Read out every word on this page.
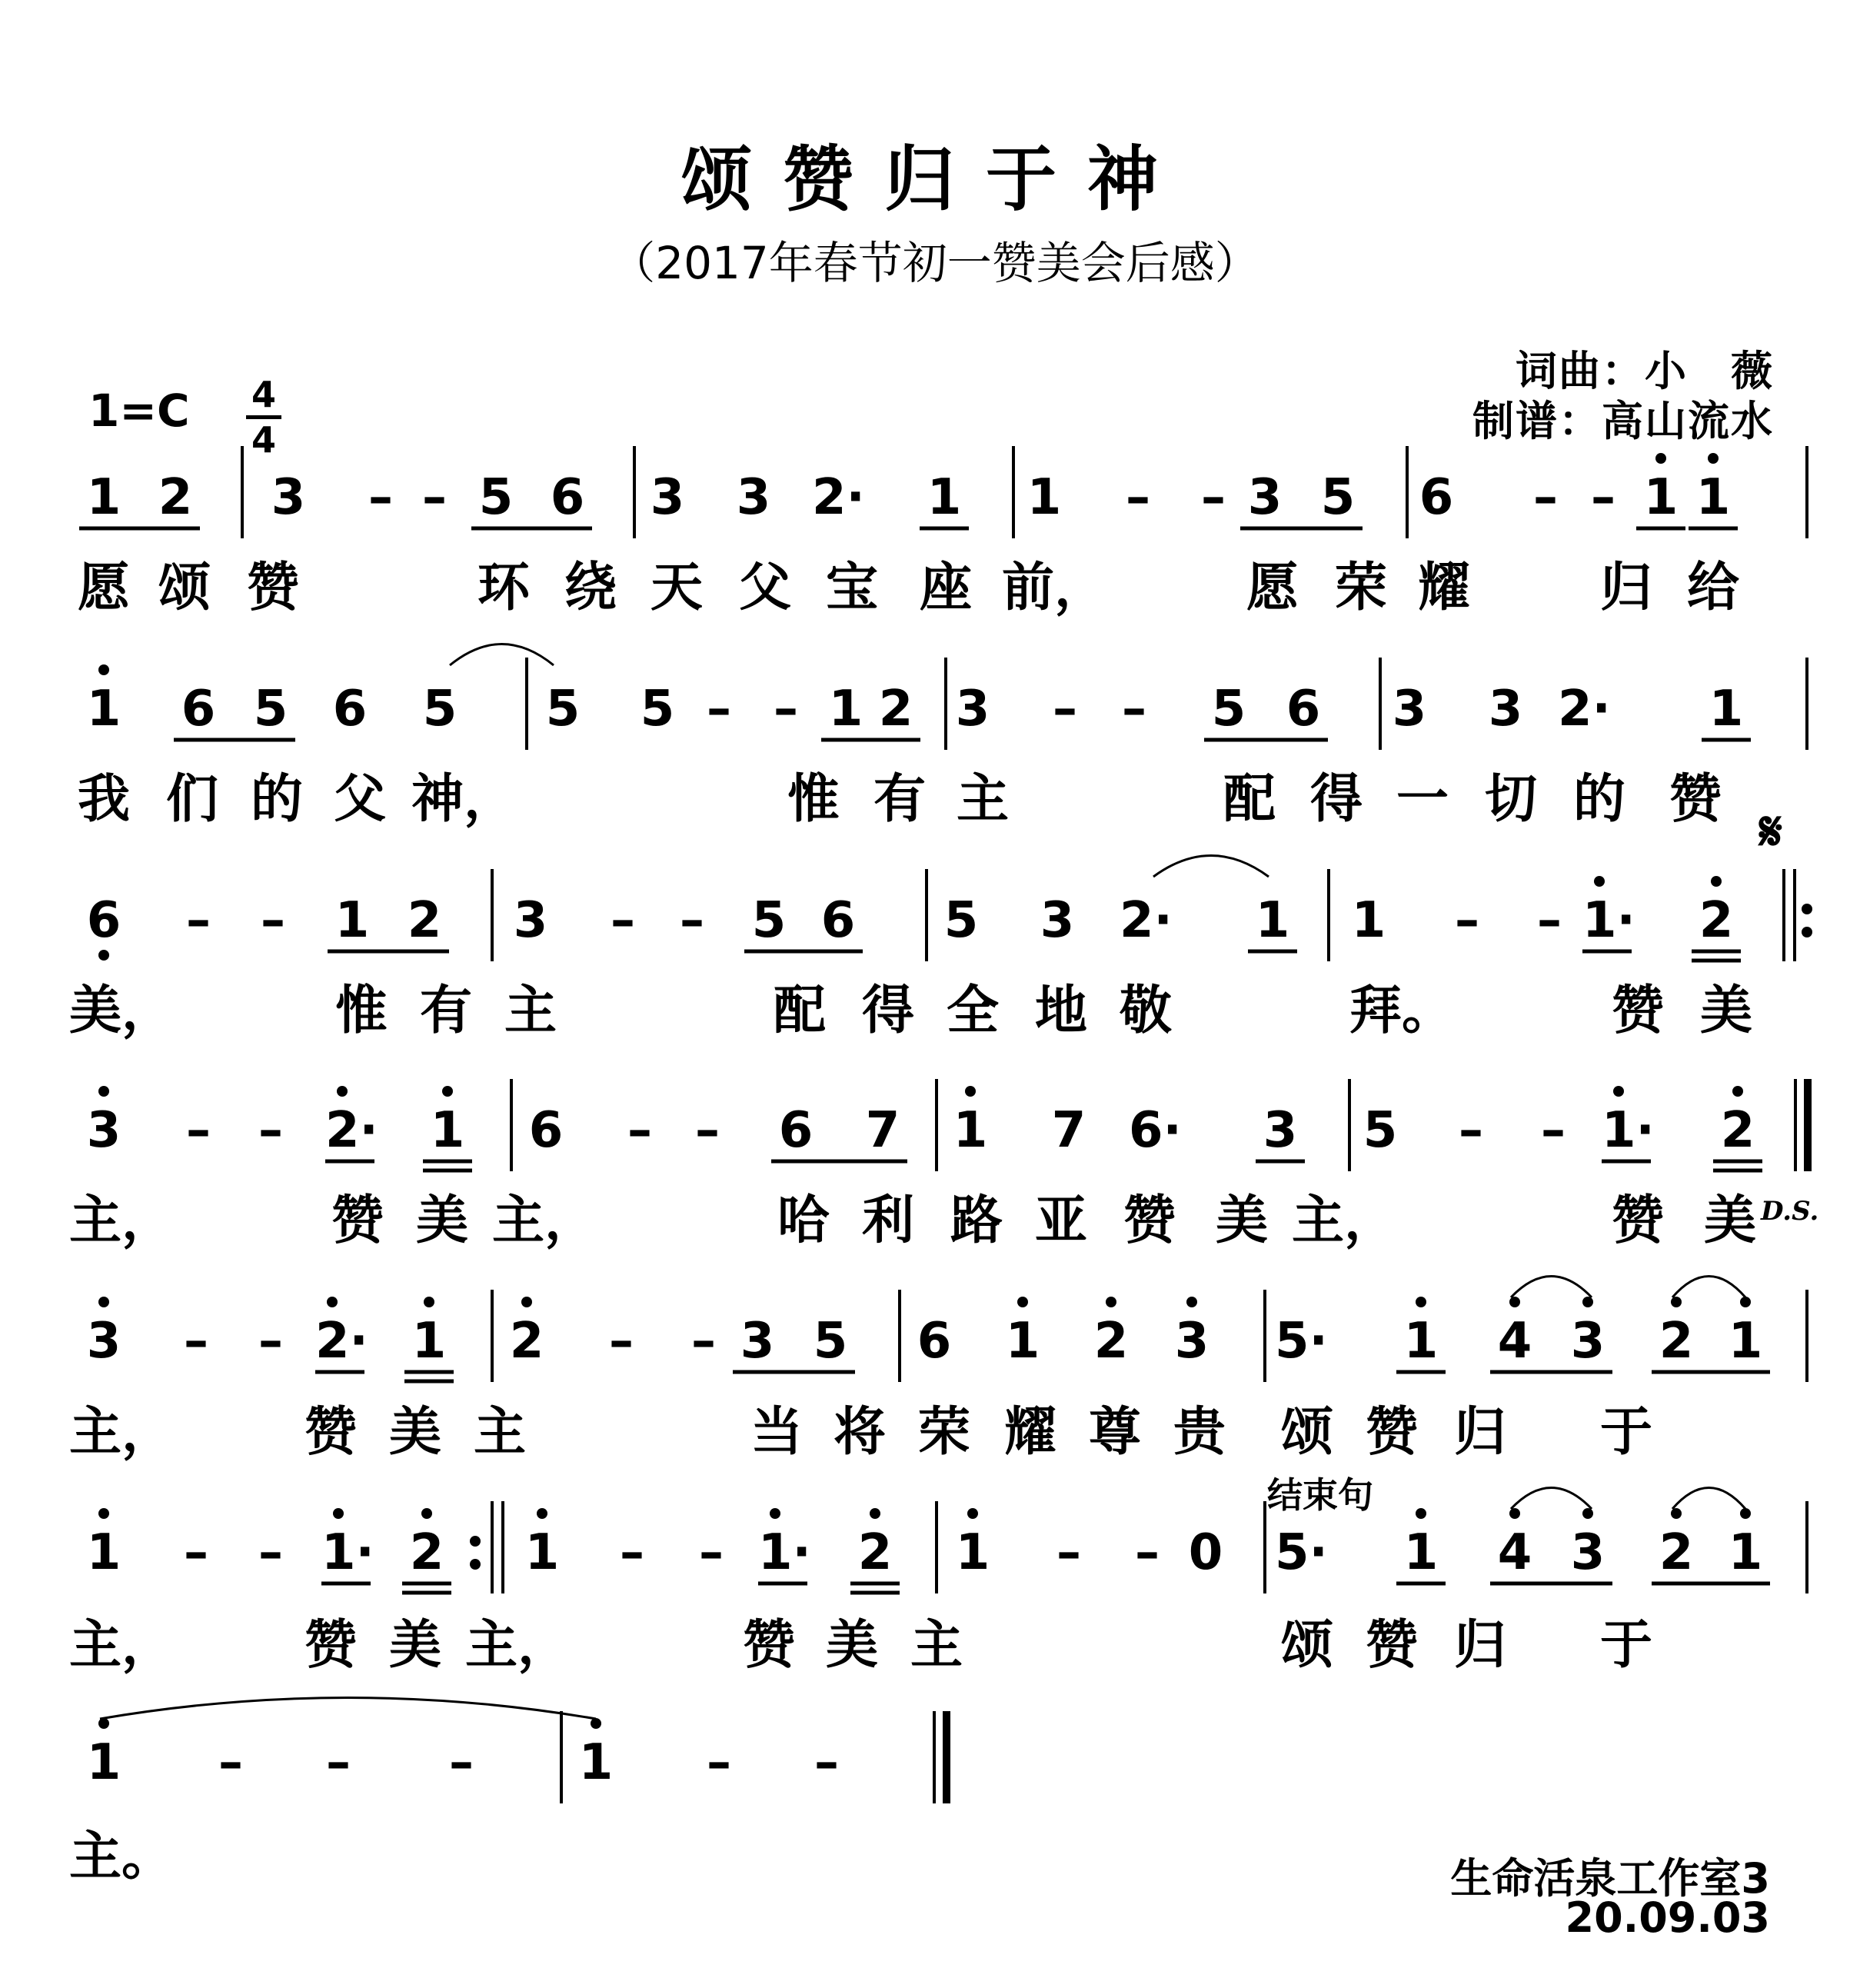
颂赞归于神
（2017年春节初一赞美会后感）
词曲：小　薇
制谱：高山流水
1=C 4
4
1 2 3 – – 5 6 3 3 2· 1 1 – – 3 5 6 – – 1 1
愿 颂 赞	环 绕 天 父 宝 座 前，	愿 荣 耀 归 给
1 6 5 6 5 5 5 – – 1 2 3 – – 5 6 3 3 2· 1
我 们 的 父 神，	惟 有 主	配 得 一 切 的 赞
6 – – 1 2 3 – – 5 6 5 3 2· 1 1 – – 1· 2
美，	惟 有 主	配 得 全 地 敬	拜。	赞 美
3 – – 2· 1 6 – – 6 7 1 7 6· 3 5 – – 1· 2
主，	赞 美 主，	哈 利 路 亚 赞 美 主，	赞 美
3 – – 2· 1 2 – – 3 5 6 1 2 3 5· 1 4 3 2 1
主， 赞 美 主	当 将 荣 耀 尊 贵 颂 赞 归 于
1 – – 1· 2 1 – – 1· 2 1 – – 0 5· 1 4 3 2 1
主， 赞 美 主，	赞 美 主	颂 赞 归 于
1 – – – 1 – –
主。
结束句
𝄋
D.S.
生命活泉工作室3
20.09.03
